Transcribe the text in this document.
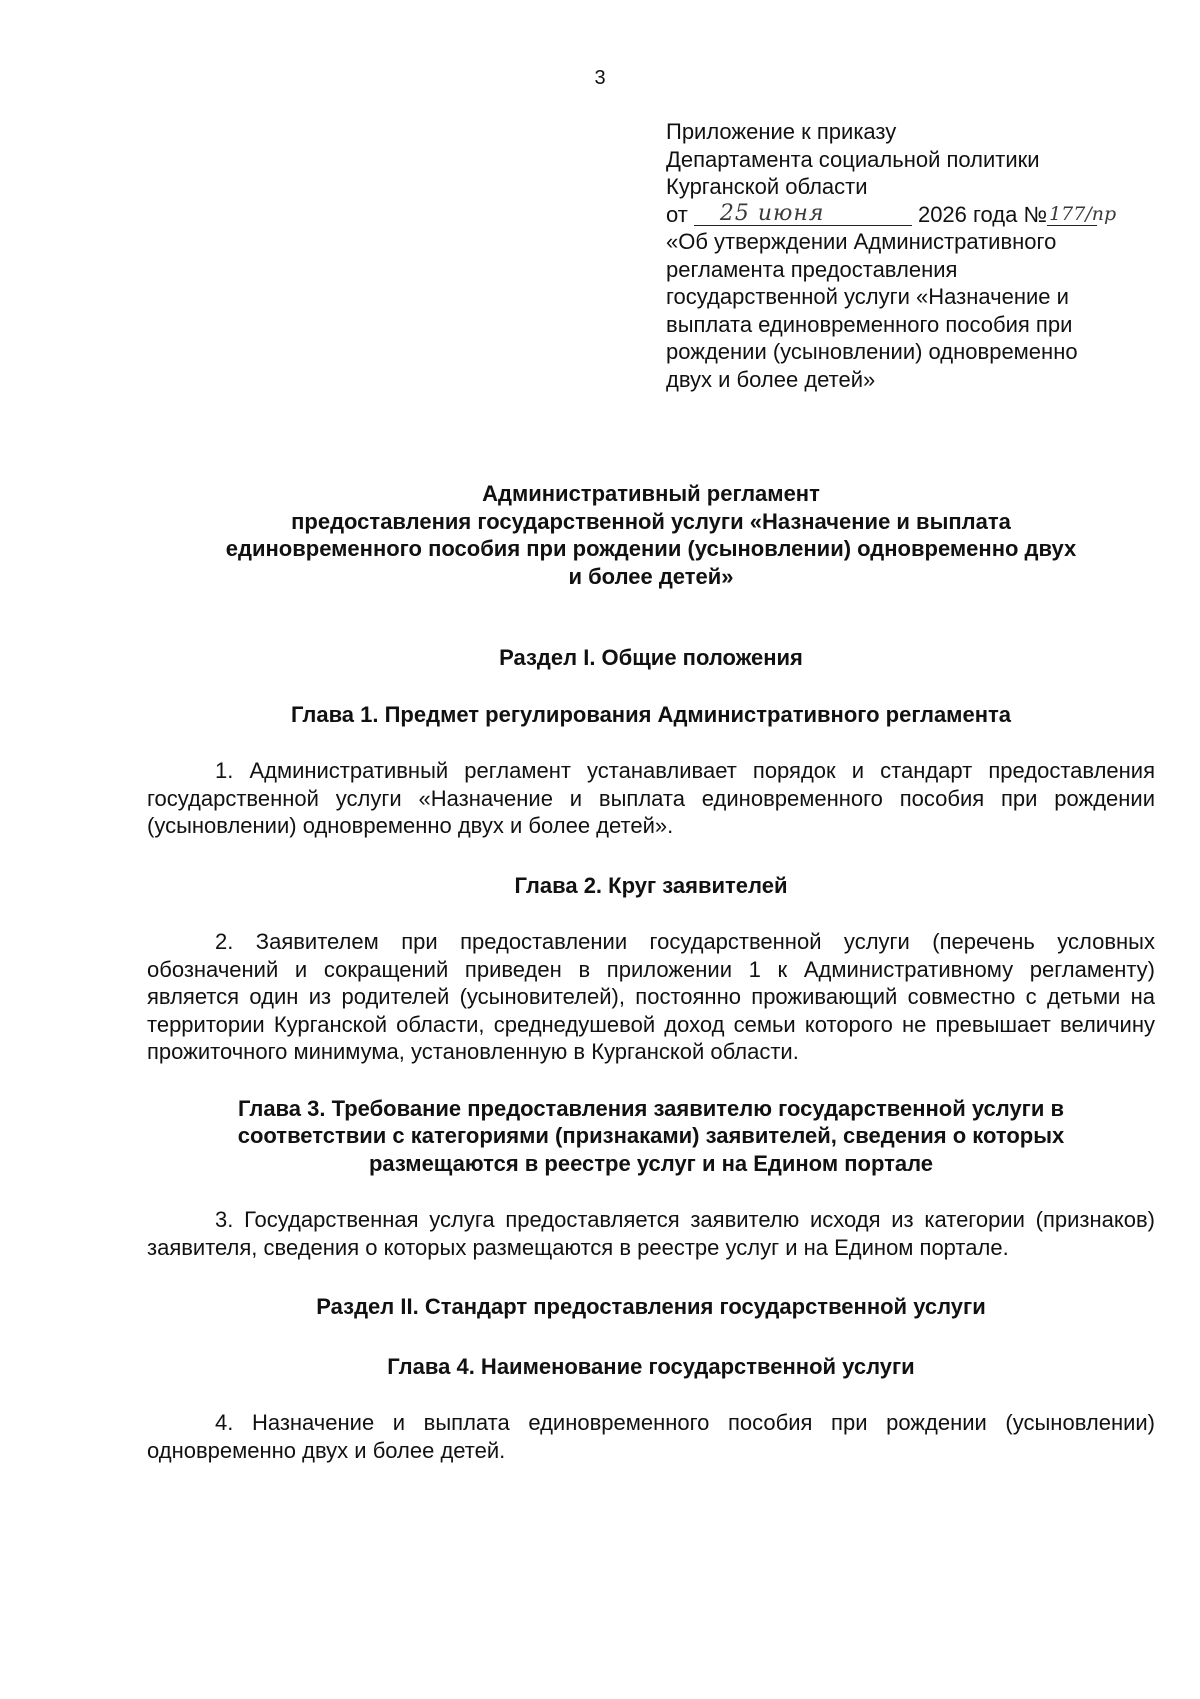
3
Приложение к приказу
Департамента социальной политики
Курганской области
от 25 июня	2026 года № 177/пр
«Об утверждении Административного
регламента предоставления
государственной услуги «Назначение и
выплата единовременного пособия при
рождении (усыновлении) одновременно
двух и более детей»
Административный регламент
предоставления государственной услуги «Назначение и выплата
единовременного пособия при рождении (усыновлении) одновременно двух
и более детей»
Раздел I. Общие положения
Глава 1. Предмет регулирования Административного регламента

1. Административный регламент устанавливает порядок и стандарт предоставления государственной услуги «Назначение и выплата единовременного пособия при рождении (усыновлении) одновременно двух и более детей».

Глава 2. Круг заявителей

2. Заявителем при предоставлении государственной услуги (перечень условных обозначений и сокращений приведен в приложении 1 к Административному регламенту) является один из родителей (усыновителей), постоянно проживающий совместно с детьми на территории Курганской области, среднедушевой доход семьи которого не превышает величину прожиточного минимума, установленную в Курганской области.

Глава 3. Требование предоставления заявителю государственной услуги в
соответствии с категориями (признаками) заявителей, сведения о которых
размещаются в реестре услуг и на Едином портале

3. Государственная услуга предоставляется заявителю исходя из категории (признаков) заявителя, сведения о которых размещаются в реестре услуг и на Едином портале.

Раздел II. Стандарт предоставления государственной услуги
Глава 4. Наименование государственной услуги

4. Назначение и выплата единовременного пособия при рождении (усыновлении) одновременно двух и более детей.
